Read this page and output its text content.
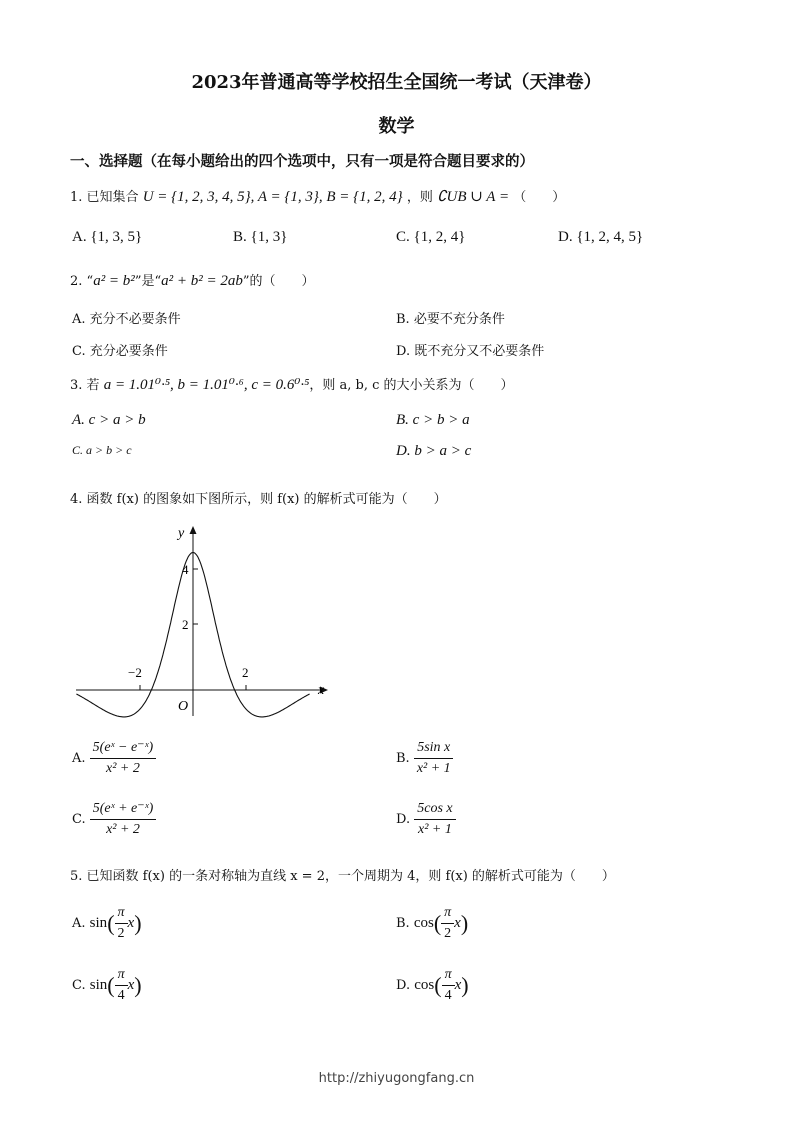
2023年普通高等学校招生全国统一考试（天津卷）
数学
一、选择题（在每小题给出的四个选项中，只有一项是符合题目要求的）
1. 已知集合 U = {1, 2, 3, 4, 5}, A = {1, 3}, B = {1, 2, 4} ，则 ∁UB ∪ A = （　　）
A. {1, 3, 5}	B. {1, 3}	C. {1, 2, 4}	D. {1, 2, 4, 5}
2. “a² = b²”是“a² + b² = 2ab”的（　　）
A. 充分不必要条件	B. 必要不充分条件
C. 充分必要条件	D. 既不充分又不必要条件
3. 若 a = 1.01⁰·⁵, b = 1.01⁰·⁶, c = 0.6⁰·⁵，则 a, b, c 的大小关系为（　　）
A. c > a > b	B. c > b > a
C. a > b > c	D. b > a > c
4. 函数 f(x) 的图象如下图所示，则 f(x) 的解析式可能为（　　）
y
x
O
4
2
−2	2
A. $\frac{\text{5(eˣ − e⁻ˣ)}}{\text{x² + 2}}$	B. $\frac{\text{5sin x}}{\text{x² + 1}}$
C. $\frac{\text{5(eˣ + e⁻ˣ)}}{\text{x² + 2}}$	D. $\frac{\text{5cos x}}{\text{x² + 1}}$
5. 已知函数 f(x) 的一条对称轴为直线 x = 2，一个周期为 4，则 f(x) 的解析式可能为（　　）
A. $\sin( \frac{\pi}{2} x)$	B. $\cos( \frac{\pi}{2} x)$
C. $\sin( \frac{\pi}{4} x)$	D. $\cos( \frac{\pi}{4} x)$
http://zhiyugongfang.cn
